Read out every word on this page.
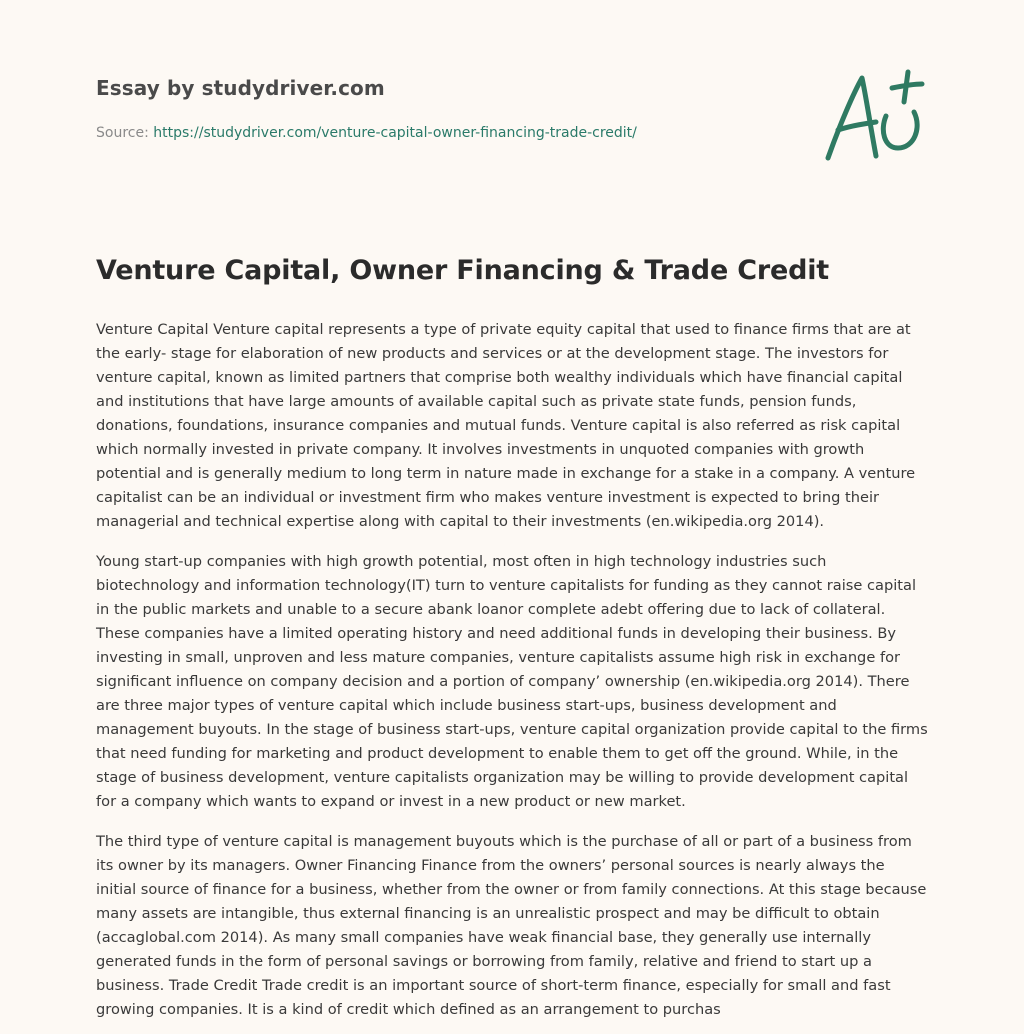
Essay by studydriver.com
Source: https://studydriver.com/venture-capital-owner-financing-trade-credit/
Venture Capital, Owner Financing & Trade Credit

Venture Capital Venture capital represents a type of private equity capital that used to finance firms that are at the early- stage for elaboration of new products and services or at the development stage. The investors for venture capital, known as limited partners that comprise both wealthy individuals which have financial capital and institutions that have large amounts of available capital such as private state funds, pension funds, donations, foundations, insurance companies and mutual funds. Venture capital is also referred as risk capital which normally invested in private company. It involves investments in unquoted companies with growth potential and is generally medium to long term in nature made in exchange for a stake in a company. A venture capitalist can be an individual or investment firm who makes venture investment is expected to bring their managerial and technical expertise along with capital to their investments (en.wikipedia.org 2014).

Young start-up companies with high growth potential, most often in high technology industries such biotechnology and information technology(IT) turn to venture capitalists for funding as they cannot raise capital in the public markets and unable to a secure abank loanor complete adebt offering due to lack of collateral. These companies have a limited operating history and need additional funds in developing their business. By investing in small, unproven and less mature companies, venture capitalists assume high risk in exchange for significant influence on company decision and a portion of company’ ownership (en.wikipedia.org 2014). There are three major types of venture capital which include business start-ups, business development and management buyouts. In the stage of business start-ups, venture capital organization provide capital to the firms that need funding for marketing and product development to enable them to get off the ground. While, in the stage of business development, venture capitalists organization may be willing to provide development capital for a company which wants to expand or invest in a new product or new market.

The third type of venture capital is management buyouts which is the purchase of all or part of a business from its owner by its managers. Owner Financing Finance from the owners’ personal sources is nearly always the initial source of finance for a business, whether from the owner or from family connections. At this stage because many assets are intangible, thus external financing is an unrealistic prospect and may be difficult to obtain (accaglobal.com 2014). As many small companies have weak financial base, they generally use internally generated funds in the form of personal savings or borrowing from family, relative and friend to start up a business. Trade Credit Trade credit is an important source of short-term finance, especially for small and fast growing companies. It is a kind of credit which defined as an arrangement to purchas
